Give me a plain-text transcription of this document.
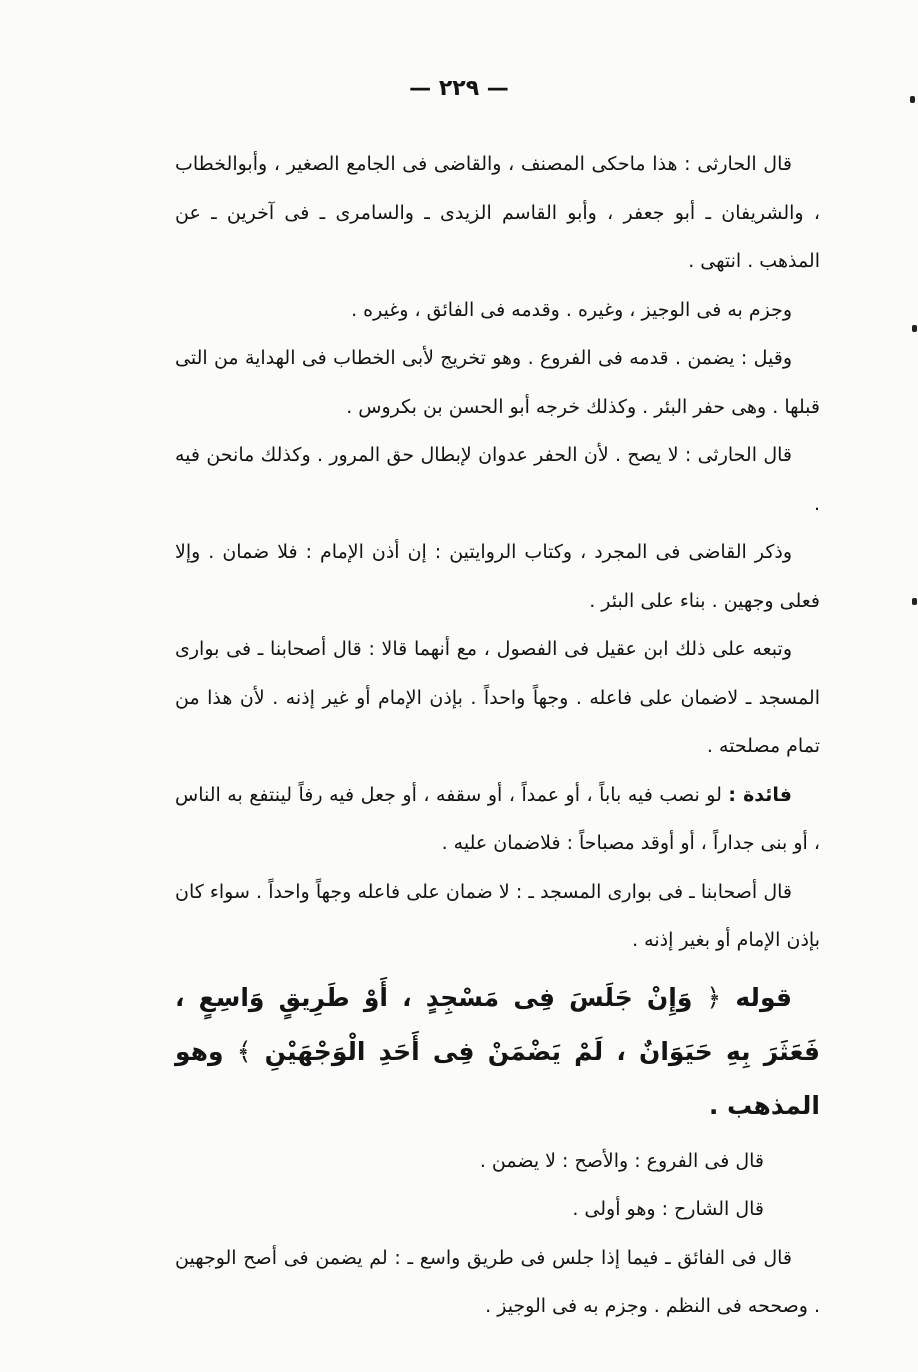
— ٢٢٩ —

قال الحارثى : هذا ماحكى المصنف ، والقاضى فى الجامع الصغير ، وأبوالخطاب ، والشريفان ـ أبو جعفر ، وأبو القاسم الزيدى ـ والسامرى ـ فى آخرين ـ عن المذهب . انتهى .

وجزم به فى الوجيز ، وغيره . وقدمه فى الفائق ، وغيره .

وقيل : يضمن . قدمه فى الفروع . وهو تخريج لأبى الخطاب فى الهداية من التى قبلها . وهى حفر البئر . وكذلك خرجه أبو الحسن بن بكروس .

قال الحارثى : لا يصح . لأن الحفر عدوان لإبطال حق المرور . وكذلك مانحن فيه .

وذكر القاضى فى المجرد ، وكتاب الروايتين : إن أذن الإمام : فلا ضمان . وإلا فعلى وجهين . بناء على البئر .

وتبعه على ذلك ابن عقيل فى الفصول ، مع أنهما قالا : قال أصحابنا ـ فى بوارى المسجد ـ لاضمان على فاعله . وجهاً واحداً . بإذن الإمام أو غير إذنه . لأن هذا من تمام مصلحته .

فائدة : لو نصب فيه باباً ، أو عمداً ، أو سقفه ، أو جعل فيه رفاً لينتفع به الناس ، أو بنى جداراً ، أو أوقد مصباحاً : فلاضمان عليه .

قال أصحابنا ـ فى بوارى المسجد ـ : لا ضمان على فاعله وجهاً واحداً . سواء كان بإذن الإمام أو بغير إذنه .

قوله ﴿ وَإِنْ جَلَسَ فِى مَسْجِدٍ ، أَوْ طَرِيقٍ وَاسِعٍ ، فَعَثَرَ بِهِ حَيَوَانٌ ، لَمْ يَضْمَنْ فِى أَحَدِ الْوَجْهَيْنِ ﴾ وهو المذهب .

قال فى الفروع : والأصح : لا يضمن .

قال الشارح : وهو أولى .

قال فى الفائق ـ فيما إذا جلس فى طريق واسع ـ : لم يضمن فى أصح الوجهين . وصححه فى النظم . وجزم به فى الوجيز .
